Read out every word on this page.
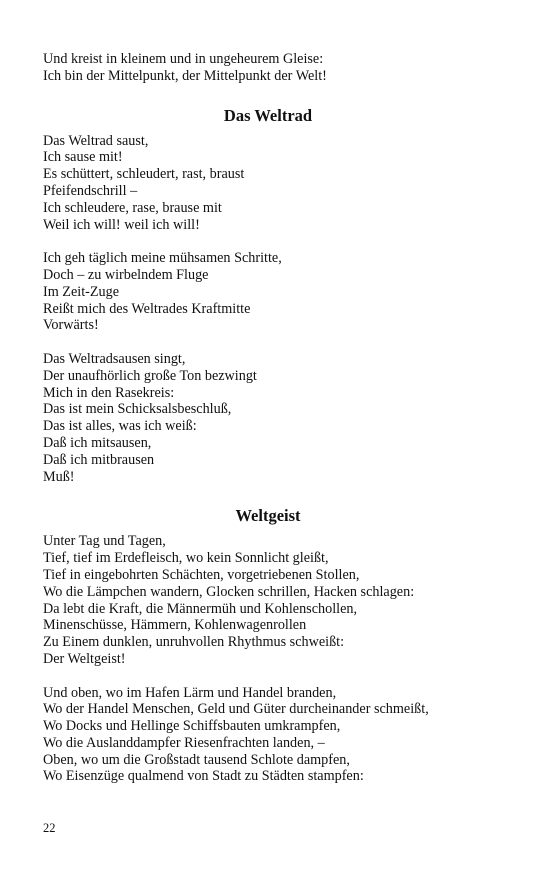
Und kreist in kleinem und in ungeheurem Gleise:
Ich bin der Mittelpunkt, der Mittelpunkt der Welt!
Das Weltrad
Das Weltrad saust,
Ich sause mit!
Es schüttert, schleudert, rast, braust
Pfeifendschrill –
Ich schleudere, rase, brause mit
Weil ich will! weil ich will!
Ich geh täglich meine mühsamen Schritte,
Doch – zu wirbelndem Fluge
Im Zeit-Zuge
Reißt mich des Weltrades Kraftmitte
Vorwärts!
Das Weltradsausen singt,
Der unaufhörlich große Ton bezwingt
Mich in den Rasekreis:
Das ist mein Schicksalsbeschluß,
Das ist alles, was ich weiß:
Daß ich mitsausen,
Daß ich mitbrausen
Muß!
Weltgeist
Unter Tag und Tagen,
Tief, tief im Erdefleisch, wo kein Sonnlicht gleißt,
Tief in eingebohrten Schächten, vorgetriebenen Stollen,
Wo die Lämpchen wandern, Glocken schrillen, Hacken schlagen:
Da lebt die Kraft, die Männermüh und Kohlenschollen,
Minenschüsse, Hämmern, Kohlenwagenrollen
Zu Einem dunklen, unruhvollen Rhythmus schweißt:
Der Weltgeist!
Und oben, wo im Hafen Lärm und Handel branden,
Wo der Handel Menschen, Geld und Güter durcheinander schmeißt,
Wo Docks und Hellinge Schiffsbauten umkrampfen,
Wo die Auslanddampfer Riesenfrachten landen, –
Oben, wo um die Großstadt tausend Schlote dampfen,
Wo Eisenzüge qualmend von Stadt zu Städten stampfen:
22
